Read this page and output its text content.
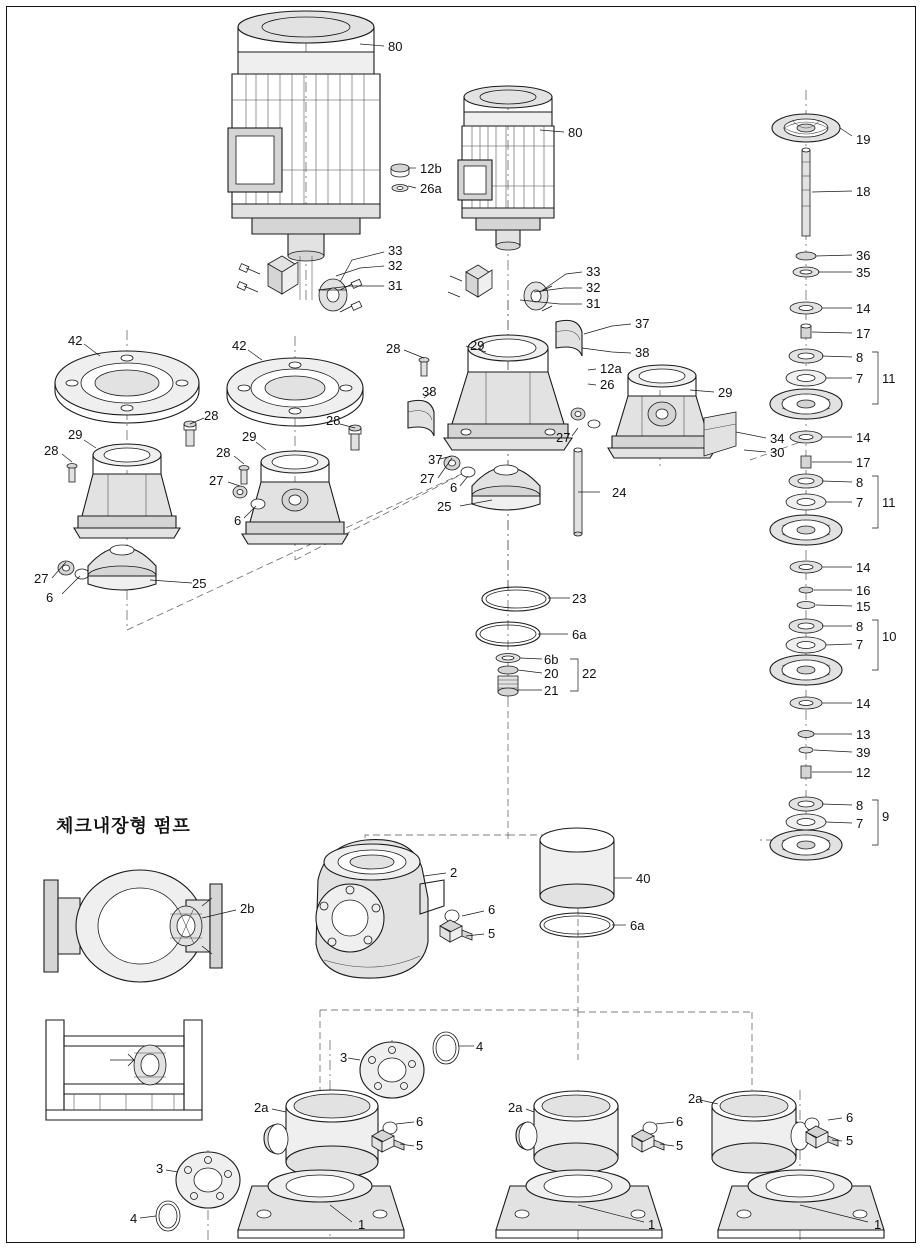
체크내장형 펌프
80
80
12b
26a
33
32
31
33
32
31
37
38
12a
26
29
28
38	29
34
30
27
37
42	42
28	28
29	29
28	28
27
6
27
6
25
24
27
6
25
23
6a
6b
20 22
21
19
18
36
35
14
17
8
7 11
14
17
8
7 11
14
16
15
8
7
10
14
13
39
12
8
7 9
2b
2
6
5
40
6a
3
4
2a
6
5
3
4	1
2a
6
5
1
2a
6
5
1
